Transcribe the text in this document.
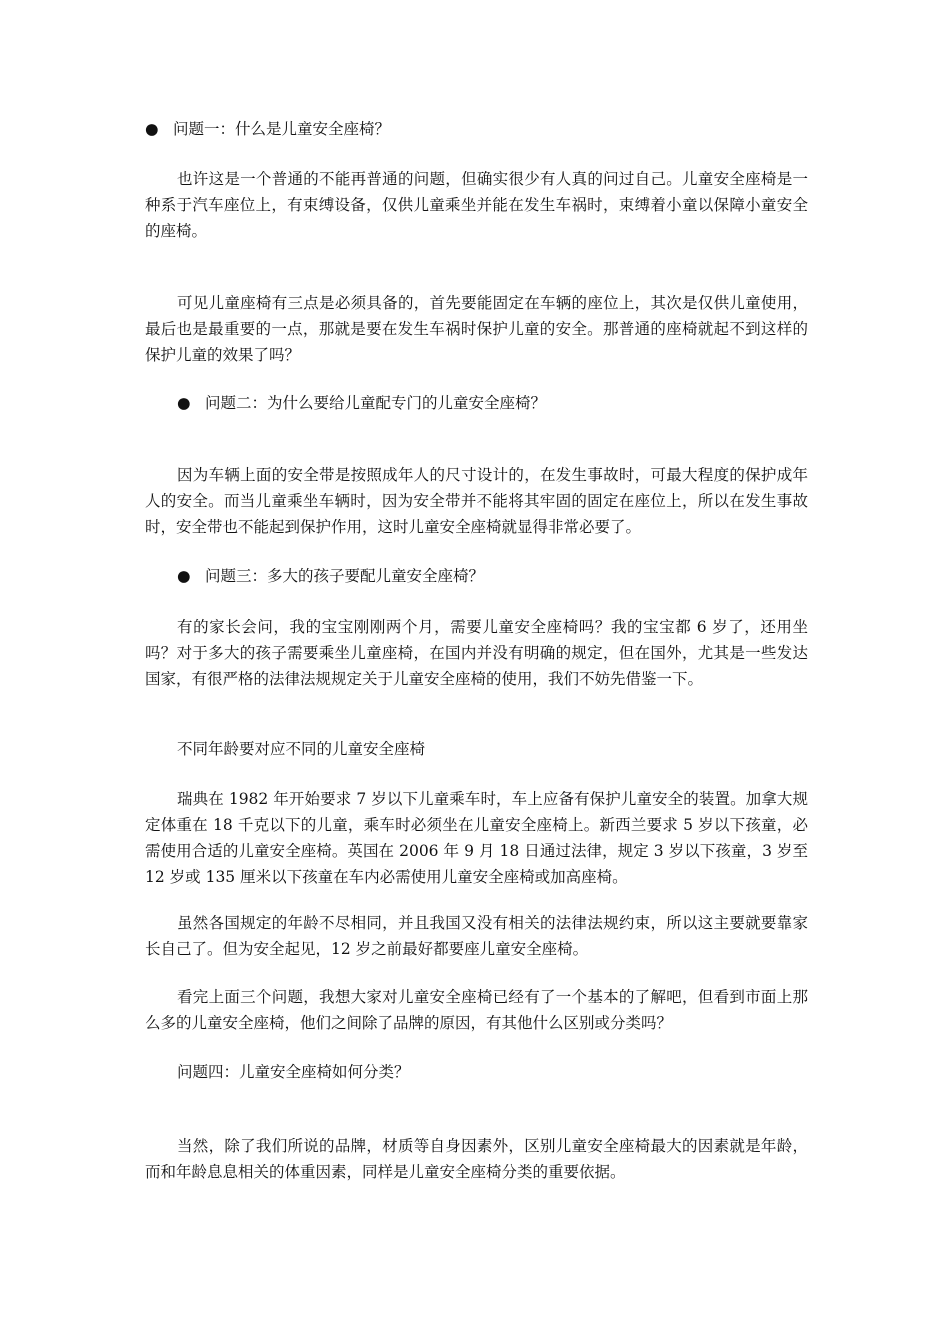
● 问题一：什么是儿童安全座椅？

也许这是一个普通的不能再普通的问题，但确实很少有人真的问过自己。儿童安全座椅是一种系于汽车座位上，有束缚设备，仅供儿童乘坐并能在发生车祸时，束缚着小童以保障小童安全的座椅。

可见儿童座椅有三点是必须具备的，首先要能固定在车辆的座位上，其次是仅供儿童使用，最后也是最重要的一点，那就是要在发生车祸时保护儿童的安全。那普通的座椅就起不到这样的保护儿童的效果了吗？

● 问题二：为什么要给儿童配专门的儿童安全座椅？

因为车辆上面的安全带是按照成年人的尺寸设计的，在发生事故时，可最大程度的保护成年人的安全。而当儿童乘坐车辆时，因为安全带并不能将其牢固的固定在座位上，所以在发生事故时，安全带也不能起到保护作用，这时儿童安全座椅就显得非常必要了。

● 问题三：多大的孩子要配儿童安全座椅？

有的家长会问，我的宝宝刚刚两个月，需要儿童安全座椅吗？我的宝宝都 6 岁了，还用坐吗？对于多大的孩子需要乘坐儿童座椅，在国内并没有明确的规定，但在国外，尤其是一些发达国家，有很严格的法律法规规定关于儿童安全座椅的使用，我们不妨先借鉴一下。

不同年龄要对应不同的儿童安全座椅

瑞典在 1982 年开始要求 7 岁以下儿童乘车时，车上应备有保护儿童安全的装置。加拿大规定体重在 18 千克以下的儿童，乘车时必须坐在儿童安全座椅上。新西兰要求 5 岁以下孩童，必需使用合适的儿童安全座椅。英国在 2006 年 9 月 18 日通过法律，规定 3 岁以下孩童，3 岁至 12 岁或 135 厘米以下孩童在车内必需使用儿童安全座椅或加高座椅。

虽然各国规定的年龄不尽相同，并且我国又没有相关的法律法规约束，所以这主要就要靠家长自己了。但为安全起见，12 岁之前最好都要座儿童安全座椅。

看完上面三个问题，我想大家对儿童安全座椅已经有了一个基本的了解吧，但看到市面上那么多的儿童安全座椅，他们之间除了品牌的原因，有其他什么区别或分类吗？

问题四：儿童安全座椅如何分类？

当然，除了我们所说的品牌，材质等自身因素外，区别儿童安全座椅最大的因素就是年龄，而和年龄息息相关的体重因素，同样是儿童安全座椅分类的重要依据。
